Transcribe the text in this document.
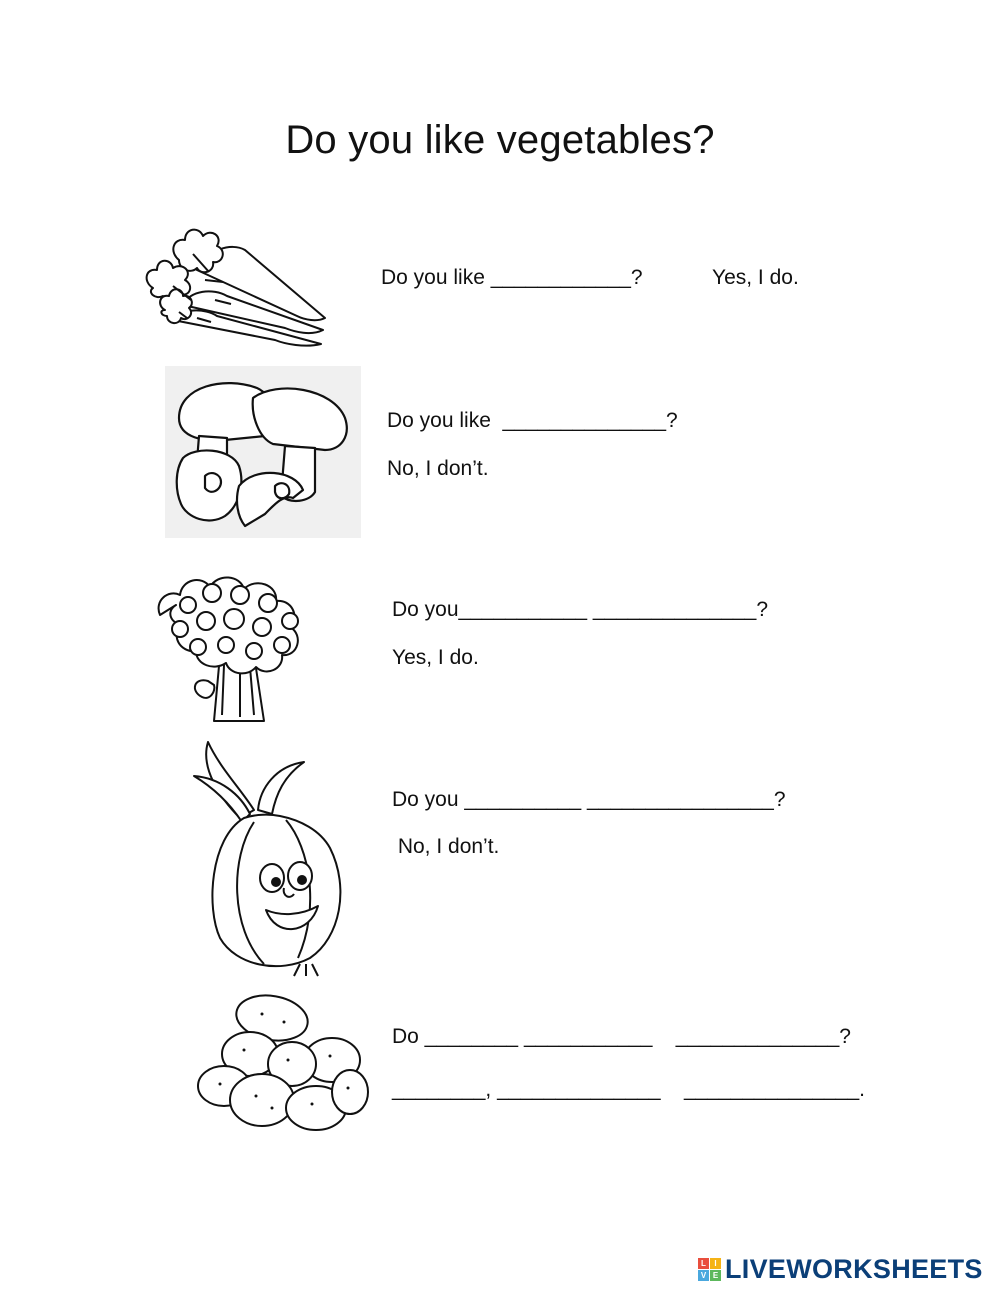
Do you like vegetables?
Do you like ____________?	Yes, I do.
Do you like  ______________?
No, I don’t.
Do you___________ ______________?
Yes, I do.
Do you __________ ________________?
No, I don’t.
Do ________ ___________    ______________?
________, ______________    _______________.
L	I
V E LIVEWORKSHEETS
